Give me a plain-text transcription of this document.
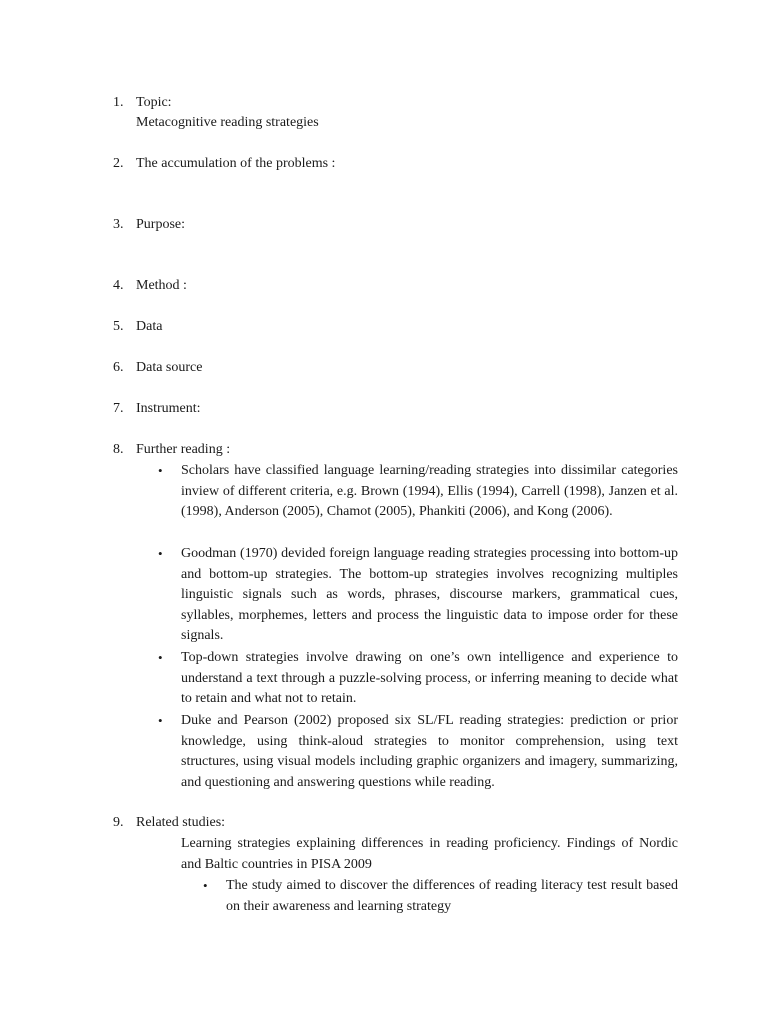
1. Topic:
Metacognitive reading strategies
2. The accumulation of the problems :
3. Purpose:
4. Method :
5. Data
6. Data source
7. Instrument:
8. Further reading :
• Scholars have classified language learning/reading strategies into dissimilar categories inview of different criteria, e.g. Brown (1994), Ellis (1994), Carrell (1998), Janzen et al. (1998), Anderson (2005), Chamot (2005), Phankiti (2006), and Kong (2006).
• Goodman (1970) devided foreign language reading strategies processing into bottom-up and bottom-up strategies. The bottom-up strategies involves recognizing multiples linguistic signals such as words, phrases, discourse markers, grammatical cues, syllables, morphemes, letters and process the linguistic data to impose order for these signals.
• Top-down strategies involve drawing on one’s own intelligence and experience to understand a text through a puzzle-solving process, or inferring meaning to decide what to retain and what not to retain.
• Duke and Pearson (2002) proposed six SL/FL reading strategies: prediction or prior knowledge, using think-aloud strategies to monitor comprehension, using text structures, using visual models including graphic organizers and imagery, summarizing, and questioning and answering questions while reading.
9. Related studies:
Learning strategies explaining differences in reading proficiency. Findings of Nordic and Baltic countries in PISA 2009
• The study aimed to discover the differences of reading literacy test result based on their awareness and learning strategy
